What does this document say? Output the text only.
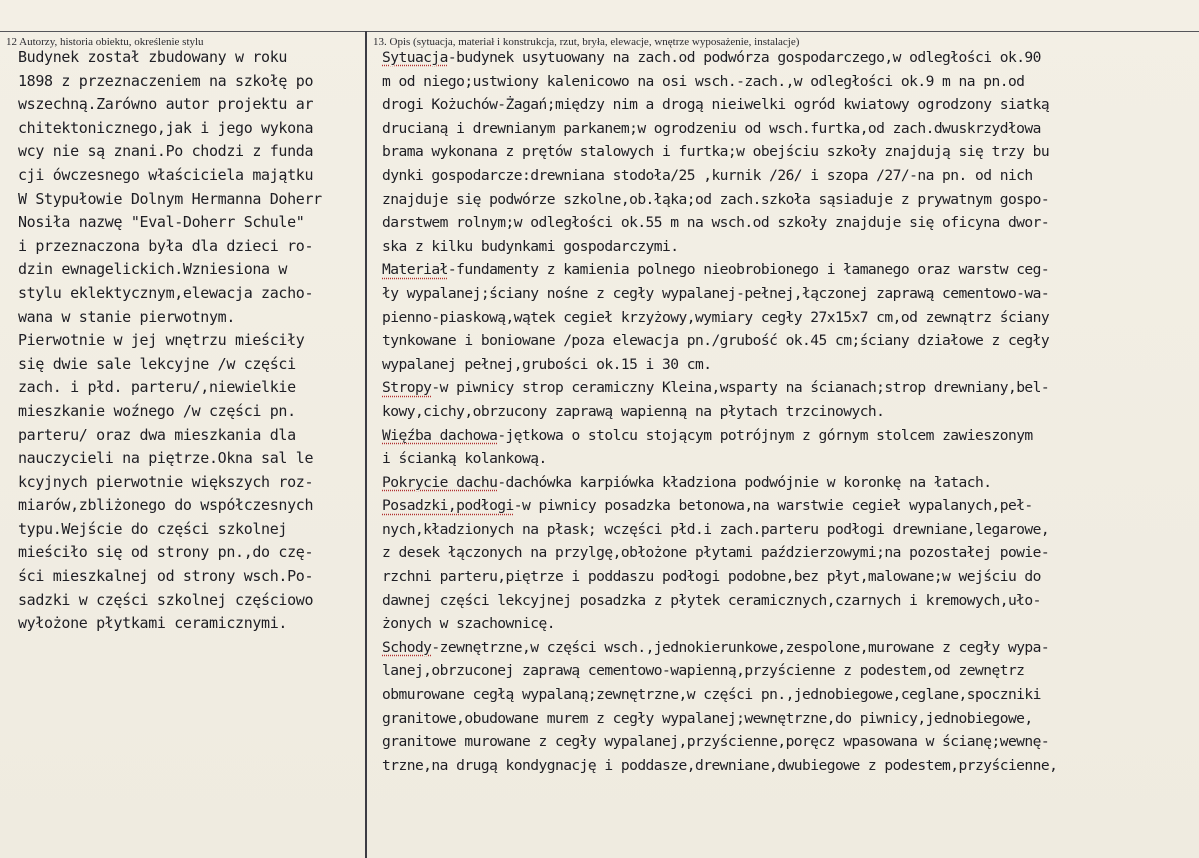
12 Autorzy, historia obiektu, określenie stylu	13. Opis (sytuacja, materiał i konstrukcja, rzut, bryła, elewacje, wnętrze wyposażenie, instalacje)
Budynek został zbudowany w roku
1898 z przeznaczeniem na szkołę po
wszechną.Zarówno autor projektu ar
chitektonicznego,jak i jego wykona
wcy nie są znani.Po chodzi z funda
cji ówczesnego właściciela majątku
W Stypułowie Dolnym Hermanna Doherr
Nosiła nazwę "Eval-Doherr Schule"
i przeznaczona była dla dzieci ro-
dzin ewnagelickich.Wzniesiona w
stylu eklektycznym,elewacja zacho-
wana w stanie pierwotnym.
Pierwotnie w jej wnętrzu mieściły
się dwie sale lekcyjne /w części
zach. i płd. parteru/,niewielkie
mieszkanie woźnego /w części pn.
parteru/ oraz dwa mieszkania dla
nauczycieli na piętrze.Okna sal le
kcyjnych pierwotnie większych roz-
miarów,zbliżonego do współczesnych
typu.Wejście do części szkolnej
mieściło się od strony pn.,do czę-
ści mieszkalnej od strony wsch.Po-
sadzki w części szkolnej częściowo
wyłożone płytkami ceramicznymi.
Sytuacja-budynek usytuowany na zach.od podwórza gospodarczego,w odległości ok.90
m od niego;ustwiony kalenicowo na osi wsch.-zach.,w odległości ok.9 m na pn.od
drogi Kożuchów-Żagań;między nim a drogą nieiwelki ogród kwiatowy ogrodzony siatką
drucianą i drewnianym parkanem;w ogrodzeniu od wsch.furtka,od zach.dwuskrzydłowa
brama wykonana z prętów stalowych i furtka;w obejściu szkoły znajdują się trzy bu
dynki gospodarcze:drewniana stodoła/25 ,kurnik /26/ i szopa /27/-na pn. od nich
znajduje się podwórze szkolne,ob.łąka;od zach.szkoła sąsiaduje z prywatnym gospo-
darstwem rolnym;w odległości ok.55 m na wsch.od szkoły znajduje się oficyna dwor-
ska z kilku budynkami gospodarczymi.
Materiał-fundamenty z kamienia polnego nieobrobionego i łamanego oraz warstw ceg-
ły wypalanej;ściany nośne z cegły wypalanej-pełnej,łączonej zaprawą cementowo-wa-
pienno-piaskową,wątek cegieł krzyżowy,wymiary cegły 27x15x7 cm,od zewnątrz ściany
tynkowane i boniowane /poza elewacja pn./grubość ok.45 cm;ściany działowe z cegły
wypalanej pełnej,grubości ok.15 i 30 cm.
Stropy-w piwnicy strop ceramiczny Kleina,wsparty na ścianach;strop drewniany,bel-
kowy,cichy,obrzucony zaprawą wapienną na płytach trzcinowych.
Więźba dachowa-jętkowa o stolcu stojącym potrójnym z górnym stolcem zawieszonym
i ścianką kolankową.
Pokrycie dachu-dachówka karpiówka kładziona podwójnie w koronkę na łatach.
Posadzki,podłogi-w piwnicy posadzka betonowa,na warstwie cegieł wypalanych,peł-
nych,kładzionych na płask; wczęści płd.i zach.parteru podłogi drewniane,legarowe,
z desek łączonych na przylgę,obłożone płytami paździerzowymi;na pozostałej powie-
rzchni parteru,piętrze i poddaszu podłogi podobne,bez płyt,malowane;w wejściu do
dawnej części lekcyjnej posadzka z płytek ceramicznych,czarnych i kremowych,uło-
żonych w szachownicę.
Schody-zewnętrzne,w części wsch.,jednokierunkowe,zespolone,murowane z cegły wypa-
lanej,obrzuconej zaprawą cementowo-wapienną,przyścienne z podestem,od zewnętrz
obmurowane cegłą wypalaną;zewnętrzne,w części pn.,jednobiegowe,ceglane,spoczniki
granitowe,obudowane murem z cegły wypalanej;wewnętrzne,do piwnicy,jednobiegowe,
granitowe murowane z cegły wypalanej,przyścienne,poręcz wpasowana w ścianę;wewnę-
trzne,na drugą kondygnację i poddasze,drewniane,dwubiegowe z podestem,przyścienne,
